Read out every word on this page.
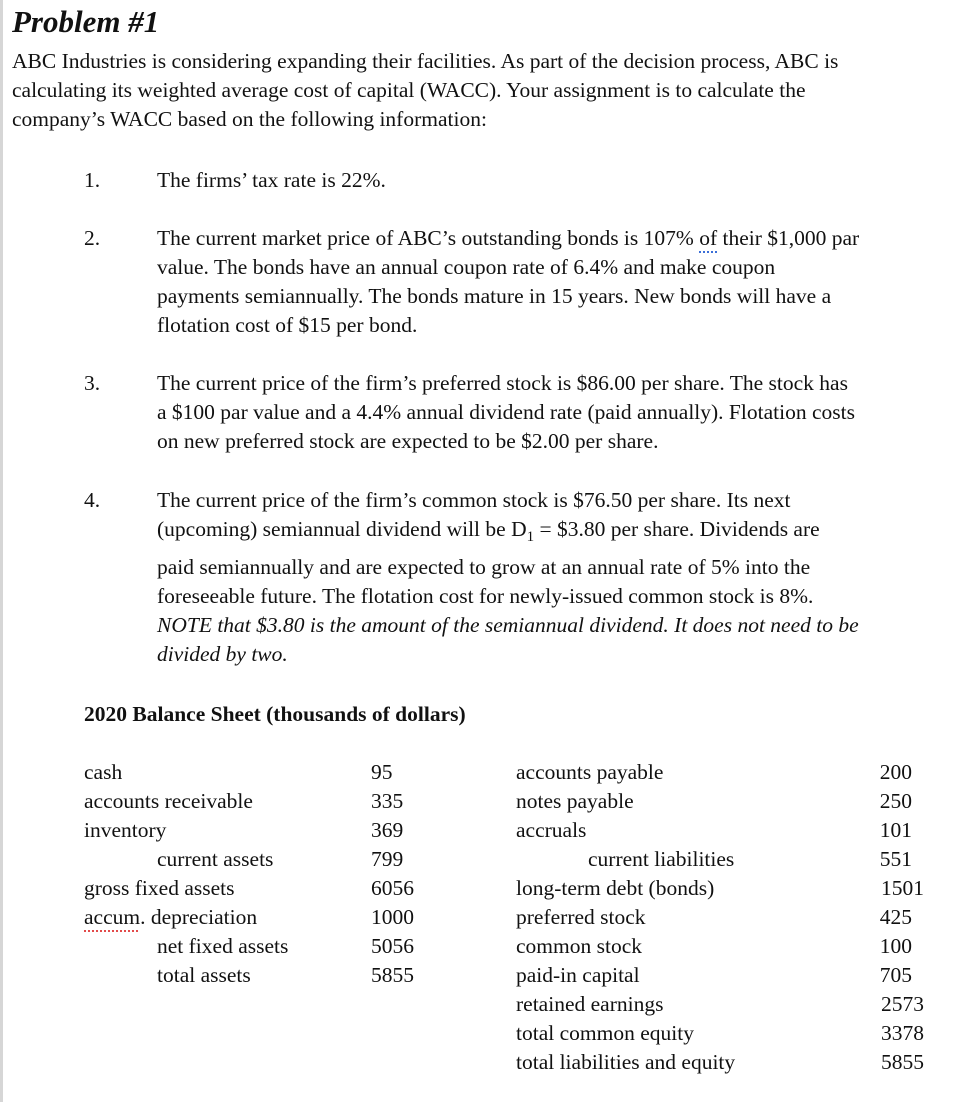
Problem #1
ABC Industries is considering expanding their facilities. As part of the decision process, ABC is
calculating its weighted average cost of capital (WACC). Your assignment is to calculate the
company’s WACC based on the following information:
1.	The firms’ tax rate is 22%.
2.	The current market price of ABC’s outstanding bonds is 107% of their $1,000 par
value. The bonds have an annual coupon rate of 6.4% and make coupon
payments semiannually. The bonds mature in 15 years. New bonds will have a
flotation cost of $15 per bond.
3.	The current price of the firm’s preferred stock is $86.00 per share. The stock has
a $100 par value and a 4.4% annual dividend rate (paid annually). Flotation costs
on new preferred stock are expected to be $2.00 per share.
4.	The current price of the firm’s common stock is $76.50 per share. Its next
(upcoming) semiannual dividend will be $D_1$ = $3.80 per share. Dividends are
paid semiannually and are expected to grow at an annual rate of 5% into the
foreseeable future. The flotation cost for newly-issued common stock is 8%.
NOTE that $3.80 is the amount of the semiannual dividend. It does not need to be
divided by two.
2020 Balance Sheet (thousands of dollars)
cash	95
accounts receivable	335
inventory	369
current assets	799
gross fixed assets	6056
accum. depreciation	1000
net fixed assets	5056
total assets	5855
accounts payable	200
notes payable	250
accruals	101
current liabilities	551
long-term debt (bonds)	1501
preferred stock	425
common stock	100
paid-in capital	705
retained earnings	2573
total common equity	3378
total liabilities and equity	5855
